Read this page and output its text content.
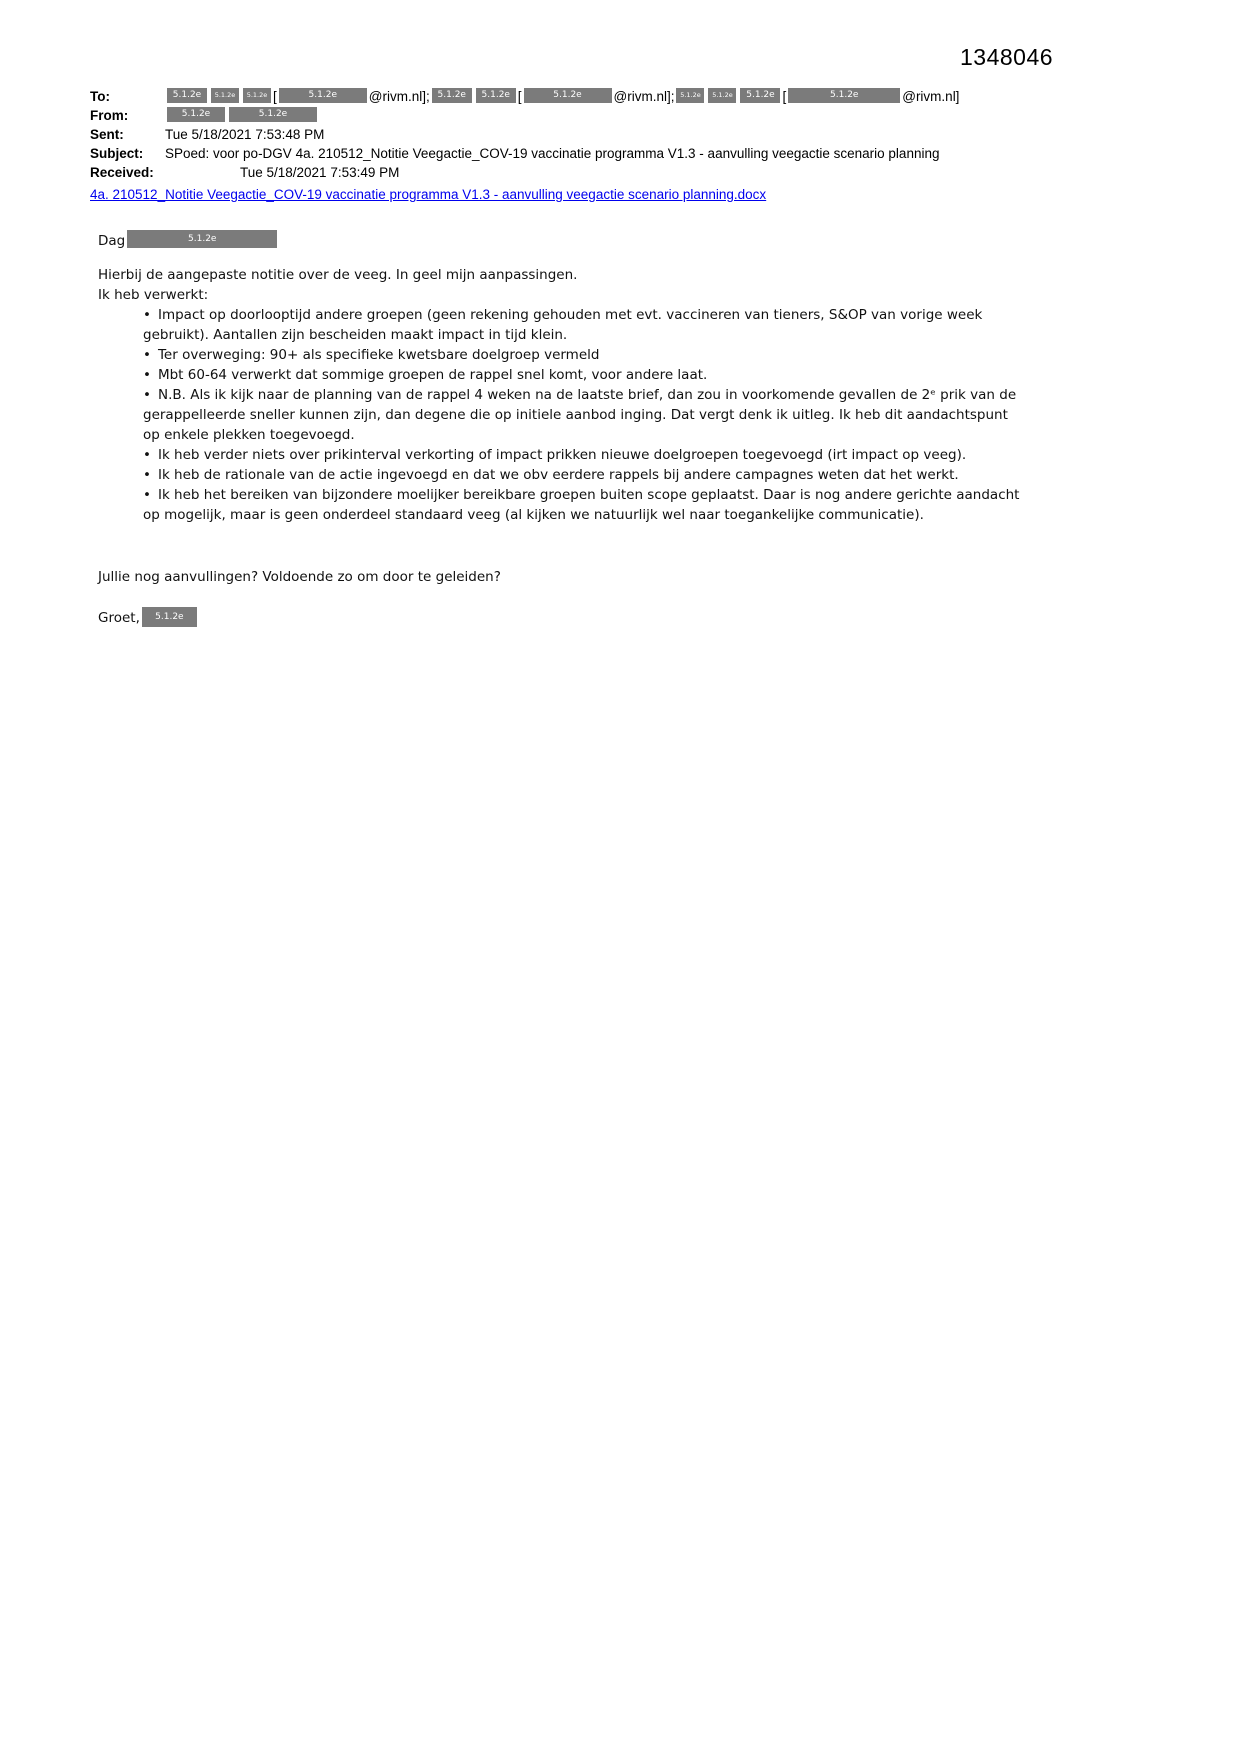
1348046
To:	5.1.2e 5.1.2e 5.1.2e [	5.1.2e @rivm.nl]; 5.1.2e 5.1.2e [	5.1.2e @rivm.nl]; 5.1.2e 5.1.2e 5.1.2e [	5.1.2e	@rivm.nl]
From:	5.1.2e	5.1.2e
Sent:	Tue 5/18/2021 7:53:48 PM
Subject: SPoed: voor po-DGV 4a. 210512_Notitie Veegactie_COV-19 vaccinatie programma V1.3 - aanvulling veegactie scenario planning
Received:	Tue 5/18/2021 7:53:49 PM
4a. 210512_Notitie Veegactie_COV-19 vaccinatie programma V1.3 - aanvulling veegactie scenario planning.docx
Dag	5.1.2e

Hierbij de aangepaste notitie over de veeg. In geel mijn aanpassingen.

Ik heb verwerkt:

• Impact op doorlooptijd andere groepen (geen rekening gehouden met evt. vaccineren van tieners, S&OP van vorige week gebruikt). Aantallen zijn bescheiden maakt impact in tijd klein.
• Ter overweging: 90+ als specifieke kwetsbare doelgroep vermeld
• Mbt 60-64 verwerkt dat sommige groepen de rappel snel komt, voor andere laat.
• N.B. Als ik kijk naar de planning van de rappel 4 weken na de laatste brief, dan zou in voorkomende gevallen de 2ᵉ prik van de gerappelleerde sneller kunnen zijn, dan degene die op initiele aanbod inging. Dat vergt denk ik uitleg. Ik heb dit aandachtspunt op enkele plekken toegevoegd.
• Ik heb verder niets over prikinterval verkorting of impact prikken nieuwe doelgroepen toegevoegd (irt impact op veeg).
• Ik heb de rationale van de actie ingevoegd en dat we obv eerdere rappels bij andere campagnes weten dat het werkt.
• Ik heb het bereiken van bijzondere moelijker bereikbare groepen buiten scope geplaatst. Daar is nog andere gerichte aandacht op mogelijk, maar is geen onderdeel standaard veeg (al kijken we natuurlijk wel naar toegankelijke communicatie).

Jullie nog aanvullingen? Voldoende zo om door te geleiden?

Groet, 5.1.2e
